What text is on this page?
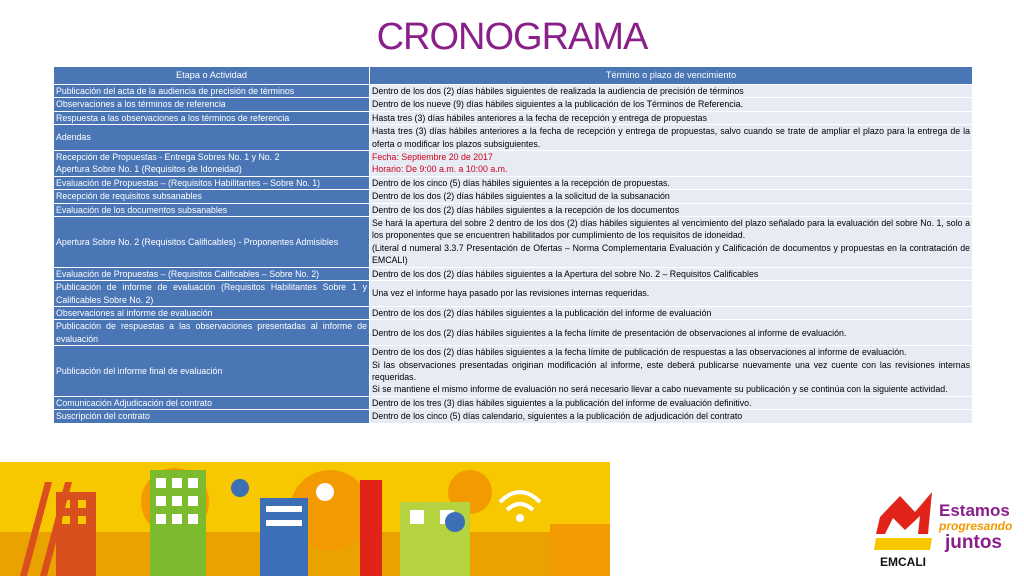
CRONOGRAMA
Etapa o Actividad	Término o plazo de vencimiento

Publicación del acta de la audiencia de precisión de términos	Dentro de los dos (2) días hábiles siguientes de realizada la audiencia de precisión de términos

Observaciones a los términos de referencia	Dentro de los nueve (9) días hábiles siguientes a la publicación de los Términos de Referencia.

Respuesta a las observaciones a los términos de referencia	Hasta tres (3) días hábiles anteriores a la fecha de recepción y entrega de propuestas

Adendas	Hasta tres (3) días hábiles anteriores a la fecha de recepción y entrega de propuestas, salvo cuando se trate de ampliar el plazo para la entrega de la oferta o modificar los plazos subsiguientes.

Recepción de Propuestas - Entrega Sobres No. 1 y No. 2
Apertura Sobre No. 1 (Requisitos de Idoneidad)	Fecha: Septiembre 20 de 2017
Horario: De 9:00 a.m. a 10:00 a.m.

Evaluación de Propuestas – (Requisitos Habilitantes – Sobre No. 1)	Dentro de los cinco (5) días hábiles siguientes a la recepción de propuestas.

Recepción de requisitos subsanables	Dentro de los dos (2) días hábiles siguientes a la solicitud de la subsanación

Evaluación de los documentos subsanables	Dentro de los dos (2) días hábiles siguientes a la recepción de los documentos

Apertura Sobre No. 2 (Requisitos Calificables) - Proponentes Admisibles	Se hará la apertura del sobre 2 dentro de los dos (2) días hábiles siguientes al vencimiento del plazo señalado para la evaluación del sobre No. 1, solo a los proponentes que se encuentren habilitados por cumplimiento de los requisitos de idoneidad.
(Literal d numeral 3.3.7 Presentación de Ofertas – Norma Complementaria Evaluación y Calificación de documentos y propuestas en la contratación de EMCALI)

Evaluación de Propuestas – (Requisitos Calificables – Sobre No. 2)	Dentro de los dos (2) días hábiles siguientes a la Apertura del sobre No. 2 – Requisitos Calificables

Publicación de informe de evaluación (Requisitos Habilitantes Sobre 1 y Calificables Sobre No. 2)	Una vez el informe haya pasado por las revisiones internas requeridas.

Observaciones al informe de evaluación	Dentro de los dos (2) días hábiles siguientes a la publicación del informe de evaluación

Publicación de respuestas a las observaciones presentadas al informe de evaluación	Dentro de los dos (2) días hábiles siguientes a la fecha límite de presentación de observaciones al informe de evaluación.

Publicación del informe final de evaluación	Dentro de los dos (2) días hábiles siguientes a la fecha límite de publicación de respuestas a las observaciones al informe de evaluación.
Si las observaciones presentadas originan modificación al informe, este deberá publicarse nuevamente una vez cuente con las revisiones internas requeridas.
Si se mantiene el mismo informe de evaluación no será necesario llevar a cabo nuevamente su publicación y se continúa con la siguiente actividad.

Comunicación Adjudicación del contrato	Dentro de los tres (3) días hábiles siguientes a la publicación del informe de evaluación definitivo.

Suscripción del contrato	Dentro de los cinco (5) días calendario, siguientes a la publicación de adjudicación del contrato
EMCALI
Estamos
progresando
juntos
